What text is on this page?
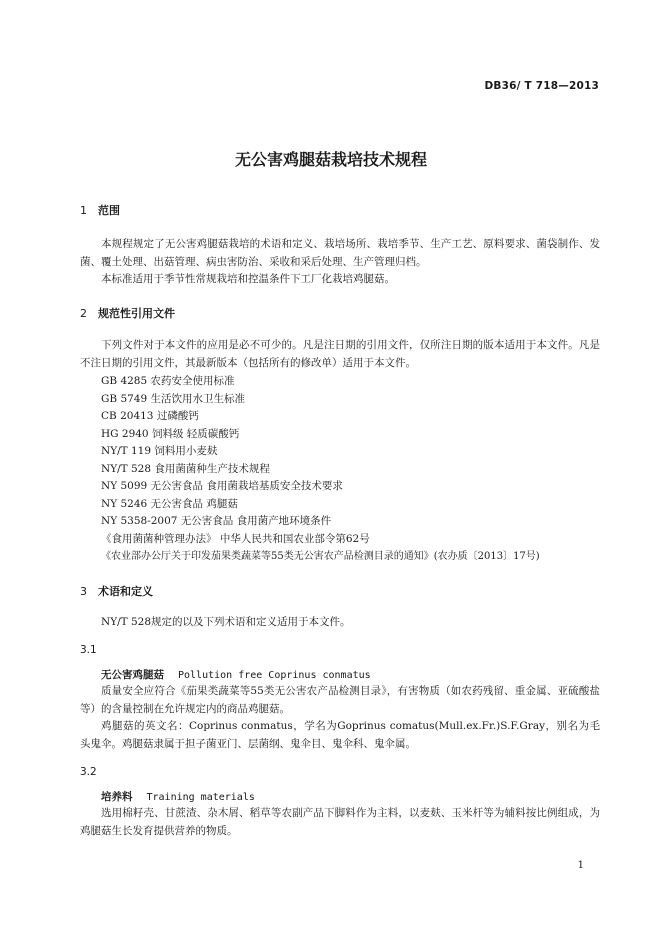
DB36/ T 718—2013
无公害鸡腿菇栽培技术规程
1 范围
本规程规定了无公害鸡腿菇栽培的术语和定义、栽培场所、栽培季节、生产工艺、原料要求、菌袋制作、发菌、覆土处理、出菇管理、病虫害防治、采收和采后处理、生产管理归档。
本标准适用于季节性常规栽培和控温条件下工厂化栽培鸡腿菇。
2 规范性引用文件
下列文件对于本文件的应用是必不可少的。凡是注日期的引用文件，仅所注日期的版本适用于本文件。凡是不注日期的引用文件，其最新版本（包括所有的修改单）适用于本文件。
GB 4285 农药安全使用标准
GB 5749 生活饮用水卫生标准
CB 20413 过磷酸钙
HG 2940 饲料级 轻质碳酸钙
NY/T 119 饲料用小麦麸
NY/T 528 食用菌菌种生产技术规程
NY 5099 无公害食品 食用菌栽培基质安全技术要求
NY 5246 无公害食品 鸡腿菇
NY 5358-2007 无公害食品 食用菌产地环境条件
《食用菌菌种管理办法》 中华人民共和国农业部令第62号
《农业部办公厅关于印发茄果类蔬菜等55类无公害农产品检测目录的通知》(农办质〔2013〕17号)
3 术语和定义
NY/T 528规定的以及下列术语和定义适用于本文件。
3.1
无公害鸡腿菇 Pollution free Coprinus conmatus
质量安全应符合《茄果类蔬菜等55类无公害农产品检测目录》，有害物质（如农药残留、重金属、亚硫酸盐等）的含量控制在允许规定内的商品鸡腿菇。
鸡腿菇的英文名：Coprinus conmatus，学名为Goprinus comatus(Mull.ex.Fr.)S.F.Gray，别名为毛头鬼伞。鸡腿菇隶属于担子菌亚门、层菌纲、鬼伞目、鬼伞科、鬼伞属。
3.2
培养料 Training materials
选用棉籽壳、甘蔗渣、杂木屑、稻草等农副产品下脚料作为主料，以麦麸、玉米杆等为辅料按比例组成，为鸡腿菇生长发育提供营养的物质。
1
